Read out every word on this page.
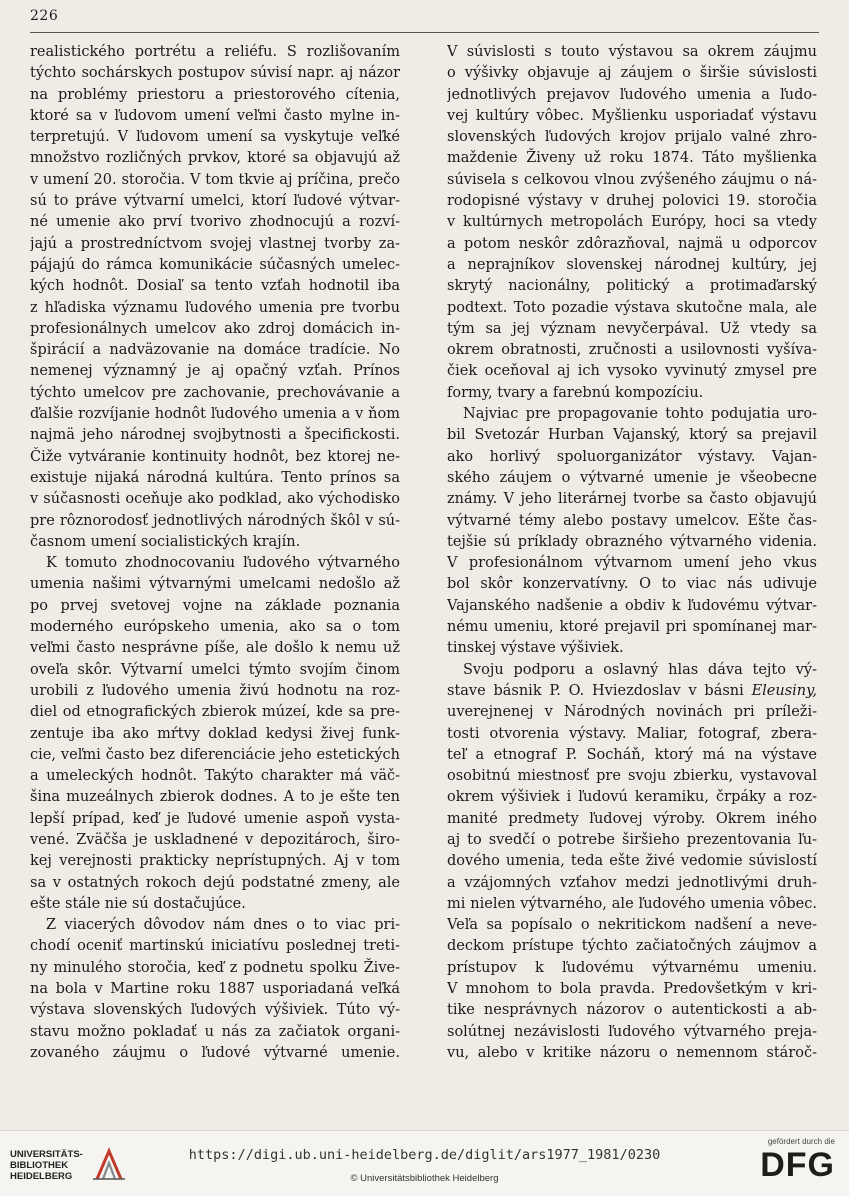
226
realistického portrétu a reliéfu. S rozlišovaním
týchto sochárskych postupov súvisí napr. aj názor
na problémy priestoru a priestorového cítenia,
ktoré sa v ľudovom umení veľmi často mylne in-
terpretujú. V ľudovom umení sa vyskytuje veľké
množstvo rozličných prvkov, ktoré sa objavujú až
v umení 20. storočia. V tom tkvie aj príčina, prečo
sú to práve výtvarní umelci, ktorí ľudové výtvar-
né umenie ako prví tvorivo zhodnocujú a rozví-
jajú a prostredníctvom svojej vlastnej tvorby za-
pájajú do rámca komunikácie súčasných umelec-
kých hodnôt. Dosiaľ sa tento vzťah hodnotil iba
z hľadiska významu ľudového umenia pre tvorbu
profesionálnych umelcov ako zdroj domácich in-
špirácií a nadväzovanie na domáce tradície. No
nemenej významný je aj opačný vzťah. Prínos
týchto umelcov pre zachovanie, prechovávanie a
ďalšie rozvíjanie hodnôt ľudového umenia a v ňom
najmä jeho národnej svojbytnosti a špecifickosti.
Čiže vytváranie kontinuity hodnôt, bez ktorej ne-
existuje nijaká národná kultúra. Tento prínos sa
v súčasnosti oceňuje ako podklad, ako východisko
pre rôznorodosť jednotlivých národných škôl v sú-
časnom umení socialistických krajín.
K tomuto zhodnocovaniu ľudového výtvarného
umenia našimi výtvarnými umelcami nedošlo až
po prvej svetovej vojne na základe poznania
moderného európskeho umenia, ako sa o tom
veľmi často nesprávne píše, ale došlo k nemu už
oveľa skôr. Výtvarní umelci týmto svojím činom
urobili z ľudového umenia živú hodnotu na roz-
diel od etnografických zbierok múzeí, kde sa pre-
zentuje iba ako mŕtvy doklad kedysi živej funk-
cie, veľmi často bez diferenciácie jeho estetických
a umeleckých hodnôt. Takýto charakter má väč-
šina muzeálnych zbierok dodnes. A to je ešte ten
lepší prípad, keď je ľudové umenie aspoň vysta-
vené. Zväčša je uskladnené v depozitároch, širo-
kej verejnosti prakticky neprístupných. Aj v tom
sa v ostatných rokoch dejú podstatné zmeny, ale
ešte stále nie sú dostačujúce.
Z viacerých dôvodov nám dnes o to viac pri-
chodí oceniť martinskú iniciatívu poslednej treti-
ny minulého storočia, keď z podnetu spolku Žive-
na bola v Martine roku 1887 usporiadaná veľká
výstava slovenských ľudových výšiviek. Túto vý-
stavu možno pokladať u nás za začiatok organi-
zovaného záujmu o ľudové výtvarné umenie.
V súvislosti s touto výstavou sa okrem záujmu
o výšivky objavuje aj záujem o širšie súvislosti
jednotlivých prejavov ľudového umenia a ľudo-
vej kultúry vôbec. Myšlienku usporiadať výstavu
slovenských ľudových krojov prijalo valné zhro-
maždenie Živeny už roku 1874. Táto myšlienka
súvisela s celkovou vlnou zvýšeného záujmu o ná-
rodopisné výstavy v druhej polovici 19. storočia
v kultúrnych metropolách Európy, hoci sa vtedy
a potom neskôr zdôrazňoval, najmä u odporcov
a neprajníkov slovenskej národnej kultúry, jej
skrytý nacionálny, politický a protimaďarský
podtext. Toto pozadie výstava skutočne mala, ale
tým sa jej význam nevyčerpával. Už vtedy sa
okrem obratnosti, zručnosti a usilovnosti vyšíva-
čiek oceňoval aj ich vysoko vyvinutý zmysel pre
formy, tvary a farebnú kompozíciu.
Najviac pre propagovanie tohto podujatia uro-
bil Svetozár Hurban Vajanský, ktorý sa prejavil
ako horlivý spoluorganizátor výstavy. Vajan-
ského záujem o výtvarné umenie je všeobecne
známy. V jeho literárnej tvorbe sa často objavujú
výtvarné témy alebo postavy umelcov. Ešte čas-
tejšie sú príklady obrazného výtvarného videnia.
V profesionálnom výtvarnom umení jeho vkus
bol skôr konzervatívny. O to viac nás udivuje
Vajanského nadšenie a obdiv k ľudovému výtvar-
nému umeniu, ktoré prejavil pri spomínanej mar-
tinskej výstave výšiviek.
Svoju podporu a oslavný hlas dáva tejto vý-
stave básnik P. O. Hviezdoslav v básni Eleusiny,
uverejnenej v Národných novinách pri príleži-
tosti otvorenia výstavy. Maliar, fotograf, zbera-
teľ a etnograf P. Socháň, ktorý má na výstave
osobitnú miestnosť pre svoju zbierku, vystavoval
okrem výšiviek i ľudovú keramiku, črpáky a roz-
manité predmety ľudovej výroby. Okrem iného
aj to svedčí o potrebe širšieho prezentovania ľu-
dového umenia, teda ešte živé vedomie súvislostí
a vzájomných vzťahov medzi jednotlivými druh-
mi nielen výtvarného, ale ľudového umenia vôbec.
Veľa sa popísalo o nekritickom nadšení a neve-
deckom prístupe týchto začiatočných záujmov a
prístupov k ľudovému výtvarnému umeniu.
V mnohom to bola pravda. Predovšetkým v kri-
tike nesprávnych názorov o autentickosti a ab-
solútnej nezávislosti ľudového výtvarného preja-
vu, alebo v kritike názoru o nemennom stároč-
UNIVERSITÄTS-
BIBLIOTHEK
HEIDELBERG
https://digi.ub.uni-heidelberg.de/diglit/ars1977_1981/0230
© Universitätsbibliothek Heidelberg
gefördert durch die
DFG
